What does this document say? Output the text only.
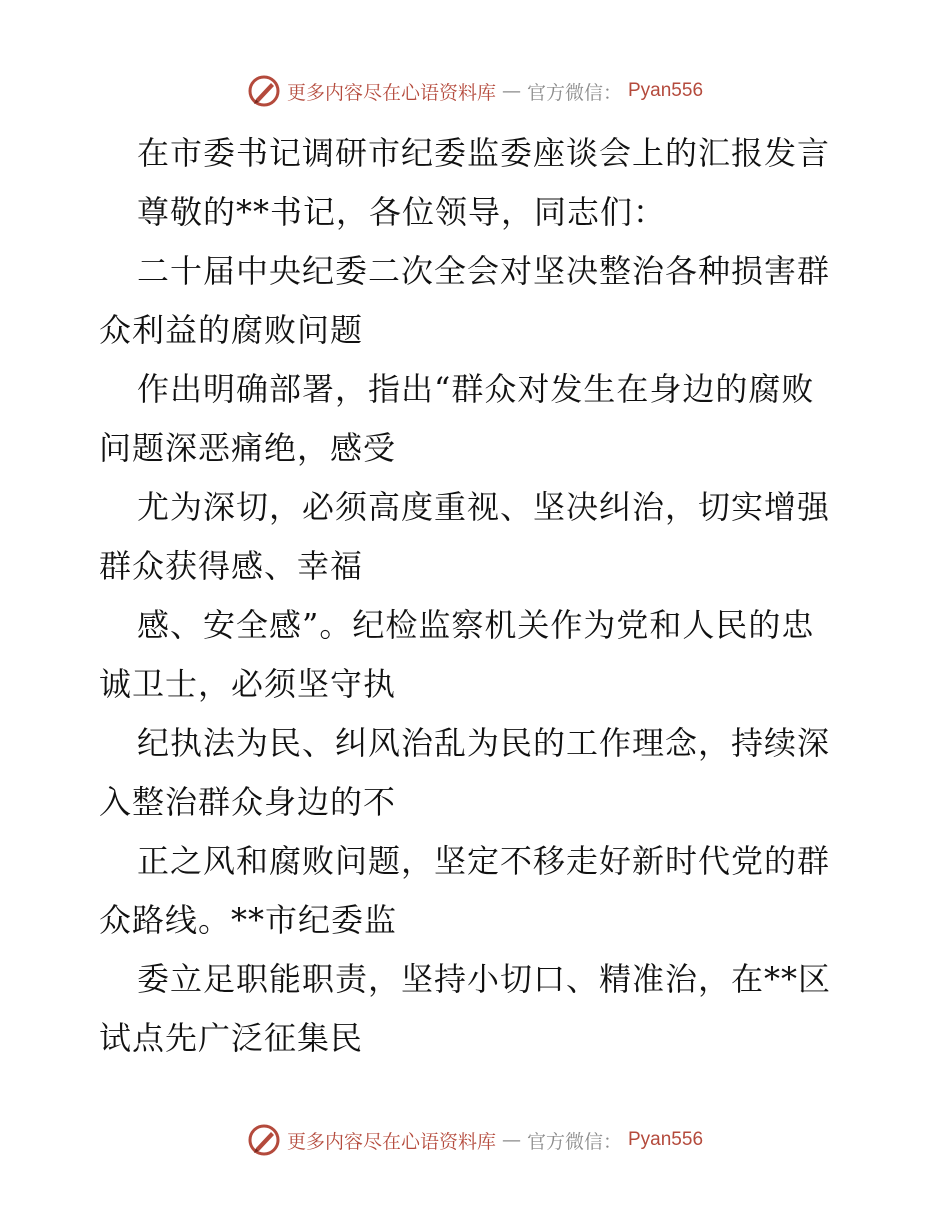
更多内容尽在心语资料库 — 官方微信： Pyan556
在市委书记调研市纪委监委座谈会上的汇报发言
尊敬的**书记，各位领导，同志们：
二十届中央纪委二次全会对坚决整治各种损害群
众利益的腐败问题
作出明确部署，指出“群众对发生在身边的腐败
问题深恶痛绝，感受
尤为深切，必须高度重视、坚决纠治，切实增强
群众获得感、幸福
感、安全感”。纪检监察机关作为党和人民的忠
诚卫士，必须坚守执
纪执法为民、纠风治乱为民的工作理念，持续深
入整治群众身边的不
正之风和腐败问题，坚定不移走好新时代党的群
众路线。**市纪委监
委立足职能职责，坚持小切口、精准治，在**区
试点先广泛征集民
更多内容尽在心语资料库 — 官方微信： Pyan556
